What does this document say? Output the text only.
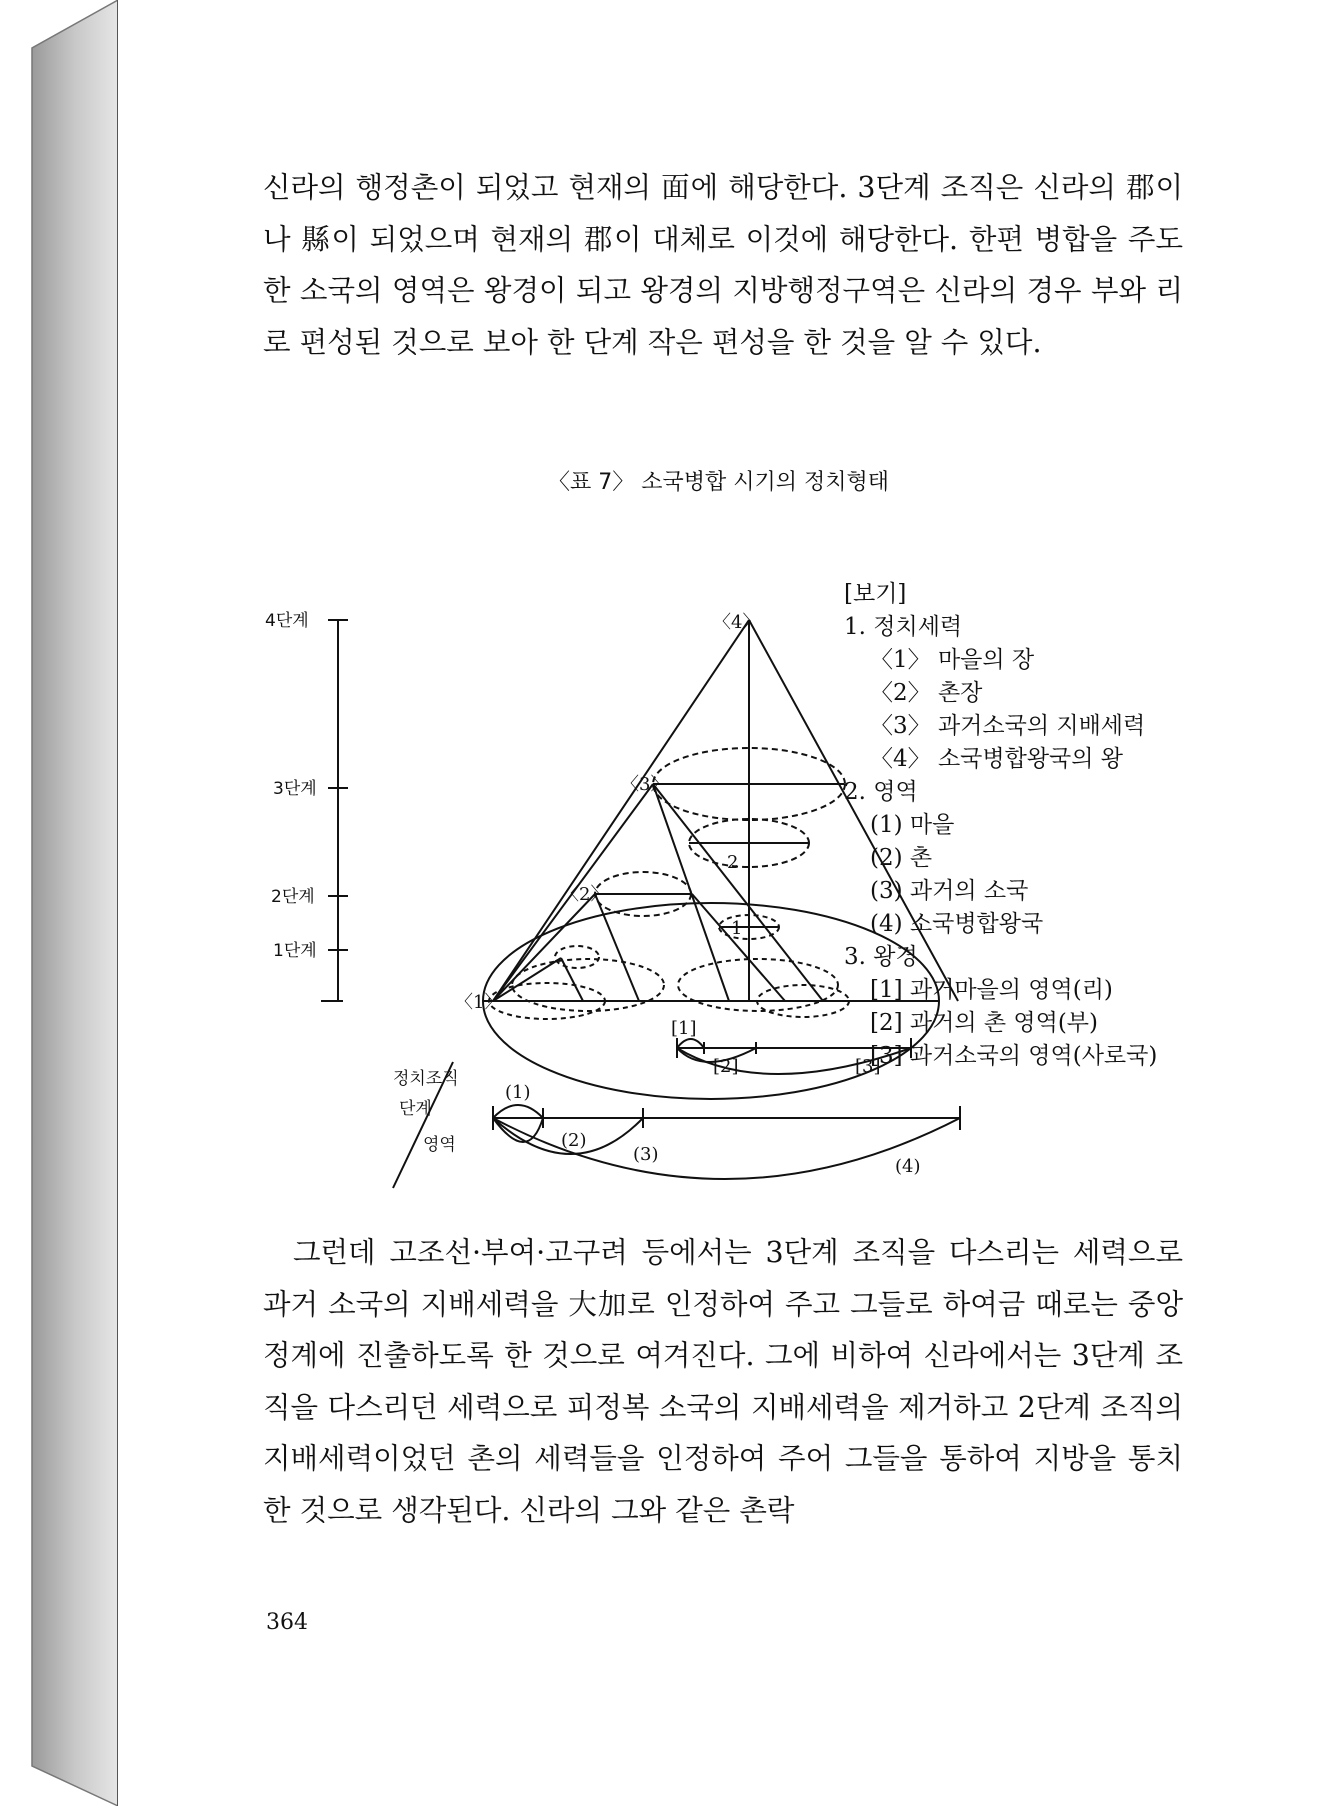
신라의 행정촌이 되었고 현재의 面에 해당한다. 3단계 조직은 신라의 郡이나 縣이 되었으며 현재의 郡이 대체로 이것에 해당한다. 한편 병합을 주도한 소국의 영역은 왕경이 되고 왕경의 지방행정구역은 신라의 경우 부와 리로 편성된 것으로 보아 한 단계 작은 편성을 한 것을 알 수 있다.

〈표 7〉 소국병합 시기의 정치형태
4단계
3단계
2단계
1단계
〈4〉
〈3〉
〈2〉
〈1〉
2
1
[1]
[2]	[3]
정치조직
단계
영역
(1)
(2)
(3)
(4)
[보기]
1. 정치세력
〈1〉 마을의 장
〈2〉 촌장
〈3〉 과거소국의 지배세력
〈4〉 소국병합왕국의 왕
2. 영역
(1) 마을
(2) 촌
(3) 과거의 소국
(4) 소국병합왕국
3. 왕경
[1] 과거마을의 영역(리)
[2] 과거의 촌 영역(부)
[3] 과거소국의 영역(사로국)

그런데 고조선·부여·고구려 등에서는 3단계 조직을 다스리는 세력으로 과거 소국의 지배세력을 大加로 인정하여 주고 그들로 하여금 때로는 중앙 정계에 진출하도록 한 것으로 여겨진다. 그에 비하여 신라에서는 3단계 조직을 다스리던 세력으로 피정복 소국의 지배세력을 제거하고 2단계 조직의 지배세력이었던 촌의 세력들을 인정하여 주어 그들을 통하여 지방을 통치한 것으로 생각된다. 신라의 그와 같은 촌락

364
